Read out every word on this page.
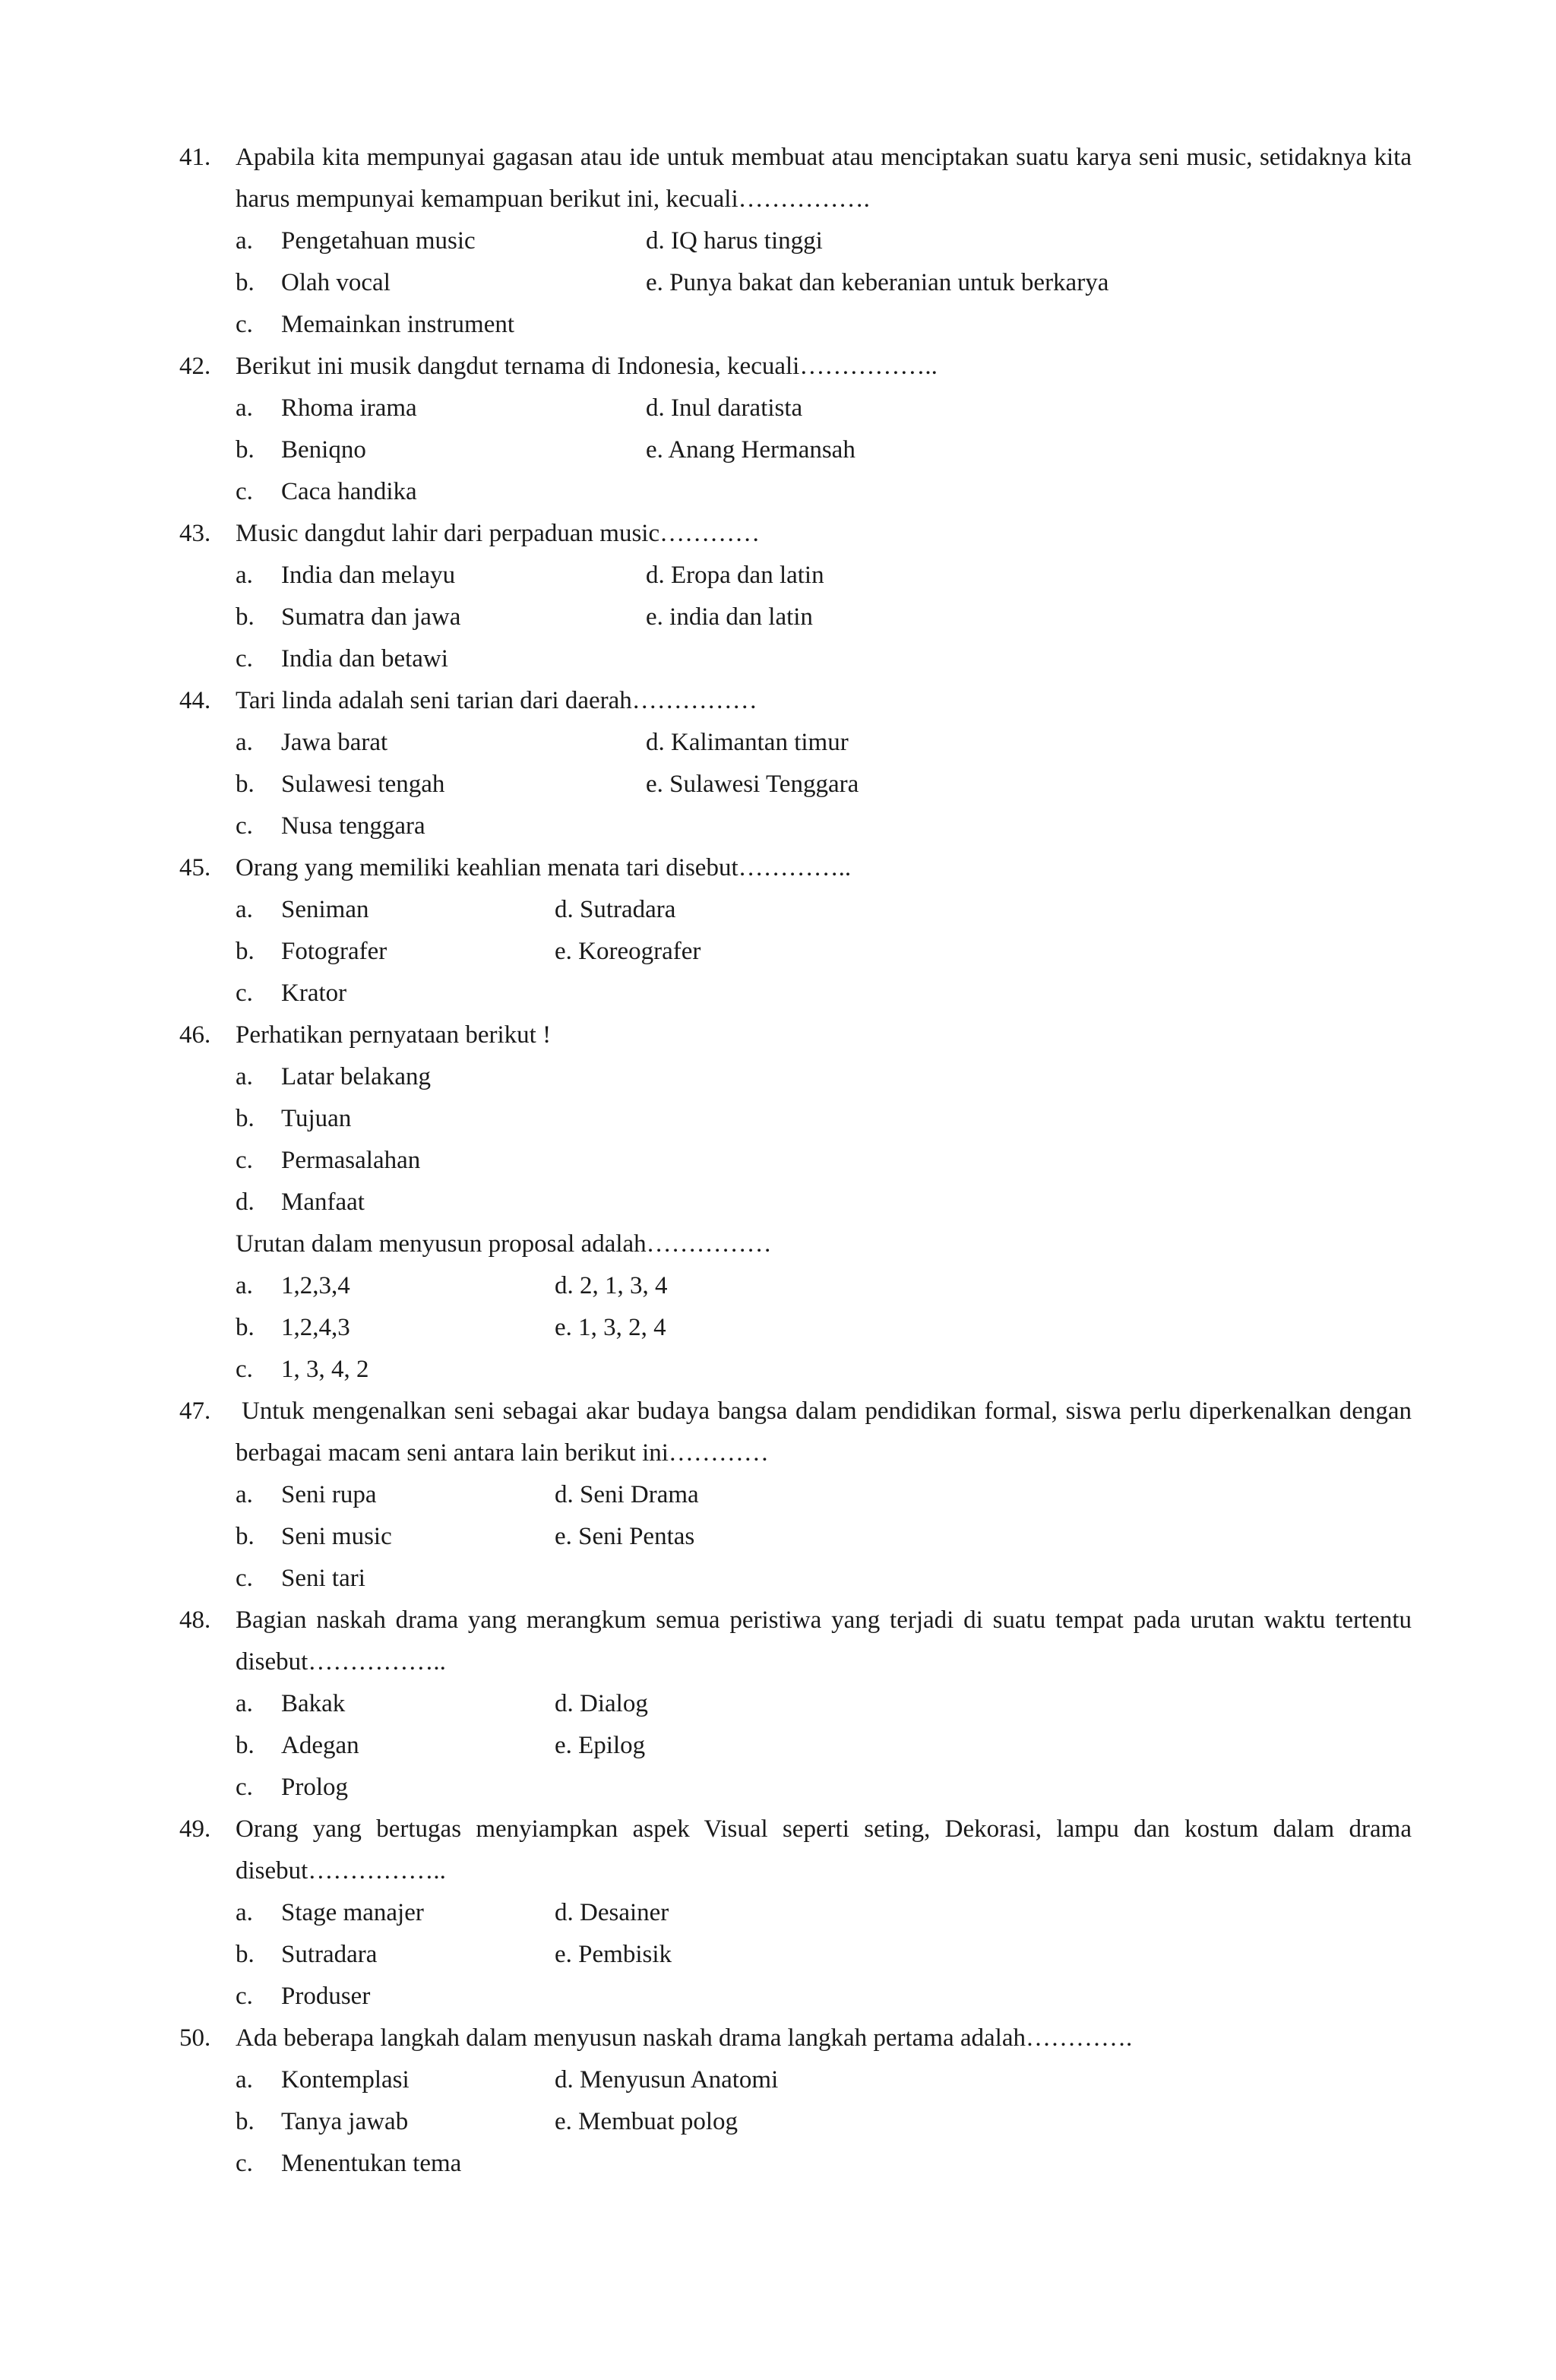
41. Apabila kita mempunyai gagasan atau ide untuk membuat atau menciptakan suatu karya seni music, setidaknya kita harus mempunyai kemampuan berikut ini, kecuali…………….
a. Pengetahuan music	d. IQ harus tinggi
b. Olah vocal	e. Punya bakat dan keberanian untuk berkarya
c. Memainkan instrument
42. Berikut ini musik dangdut ternama di Indonesia, kecuali……………..
a. Rhoma irama	d. Inul daratista
b. Beniqno	e. Anang Hermansah
c. Caca handika
43. Music dangdut lahir dari perpaduan music…………
a. India dan melayu	d. Eropa dan latin
b. Sumatra dan jawa	e. india dan latin
c. India dan betawi
44. Tari linda adalah seni tarian dari daerah……………
a. Jawa barat	d. Kalimantan timur
b. Sulawesi tengah	e. Sulawesi Tenggara
c. Nusa tenggara
45. Orang yang memiliki keahlian menata tari disebut…………..
a. Seniman	d. Sutradara
b. Fotografer	e. Koreografer
c. Krator
46. Perhatikan pernyataan berikut !
a. Latar belakang
b. Tujuan
c. Permasalahan
d. Manfaat
Urutan dalam menyusun proposal adalah……………
a. 1,2,3,4	d. 2, 1, 3, 4
b. 1,2,4,3	e. 1, 3, 2, 4
c. 1, 3, 4, 2
47.	Untuk mengenalkan seni sebagai akar budaya bangsa dalam pendidikan formal, siswa perlu diperkenalkan dengan berbagai macam seni antara lain berikut ini…………
a. Seni rupa	d. Seni Drama
b. Seni music	e. Seni Pentas
c. Seni tari
48. Bagian naskah drama yang merangkum semua peristiwa yang terjadi di suatu tempat pada urutan waktu tertentu disebut……………..
a. Bakak	d. Dialog
b. Adegan	e. Epilog
c. Prolog
49. Orang yang bertugas menyiampkan aspek Visual seperti seting, Dekorasi, lampu dan kostum dalam drama disebut……………..
a. Stage manajer	d. Desainer
b. Sutradara	e. Pembisik
c. Produser
50. Ada beberapa langkah dalam menyusun naskah drama langkah pertama adalah………….
a. Kontemplasi	d. Menyusun Anatomi
b. Tanya jawab	e. Membuat polog
c. Menentukan tema
